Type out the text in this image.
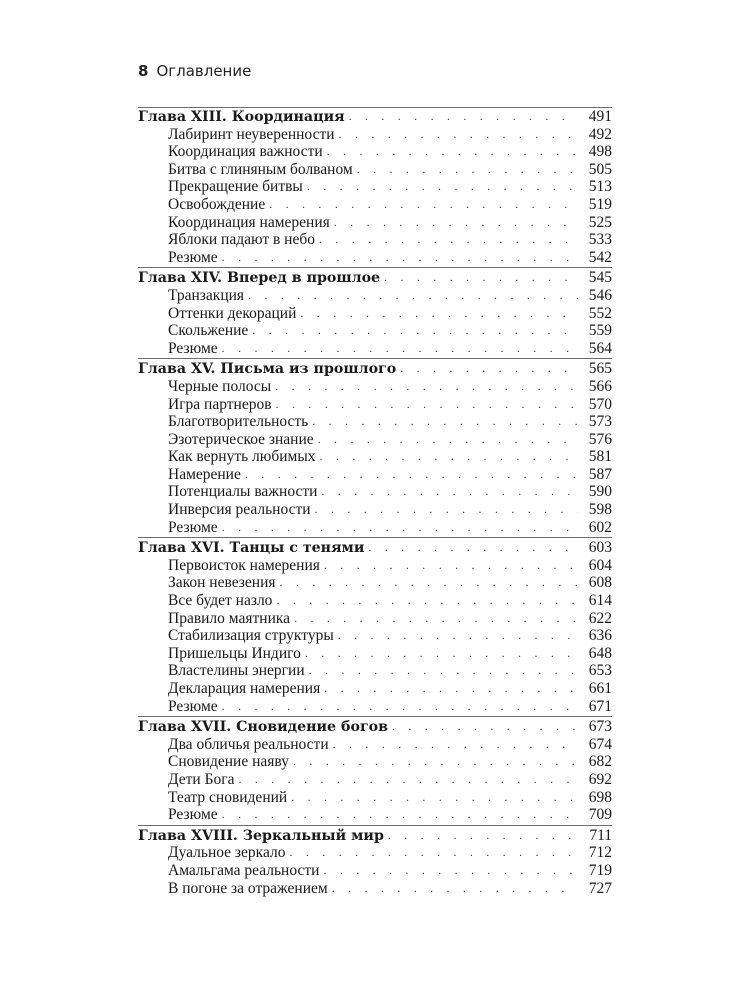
8 Оглавление
Глава XIII. Координация . . .	491
Лабиринт неуверенности . . .	492
Координация важности . . .	498
Битва с глиняным болваном . . .	505
Прекращение битвы . . .	513
Освобождение . . .	519
Координация намерения . . .	525
Яблоки падают в небо . . .	533
Резюме . . .	542
Глава XIV. Вперед в прошлое . . .	545
Транзакция . . .	546
Оттенки декораций . . .	552
Скольжение . . .	559
Резюме . . .	564
Глава XV. Письма из прошлого . . .	565
Черные полосы . . .	566
Игра партнеров . . .	570
Благотворительность . . .	573
Эзотерическое знание . . .	576
Как вернуть любимых . . .	581
Намерение . . .	587
Потенциалы важности . . .	590
Инверсия реальности . . .	598
Резюме . . .	602
Глава XVI. Танцы с тенями . . .	603
Первоисток намерения . . .	604
Закон невезения . . .	608
Все будет назло . . .	614
Правило маятника . . .	622
Стабилизация структуры . . .	636
Пришельцы Индиго . . .	648
Властелины энергии . . .	653
Декларация намерения . . .	661
Резюме . . .	671
Глава XVII. Сновидение богов . . .	673
Два обличья реальности . . .	674
Сновидение наяву . . .	682
Дети Бога . . .	692
Театр сновидений . . .	698
Резюме . . .	709
Глава XVIII. Зеркальный мир . . .	711
Дуальное зеркало . . .	712
Амальгама реальности . . .	719
В погоне за отражением . . .	727
